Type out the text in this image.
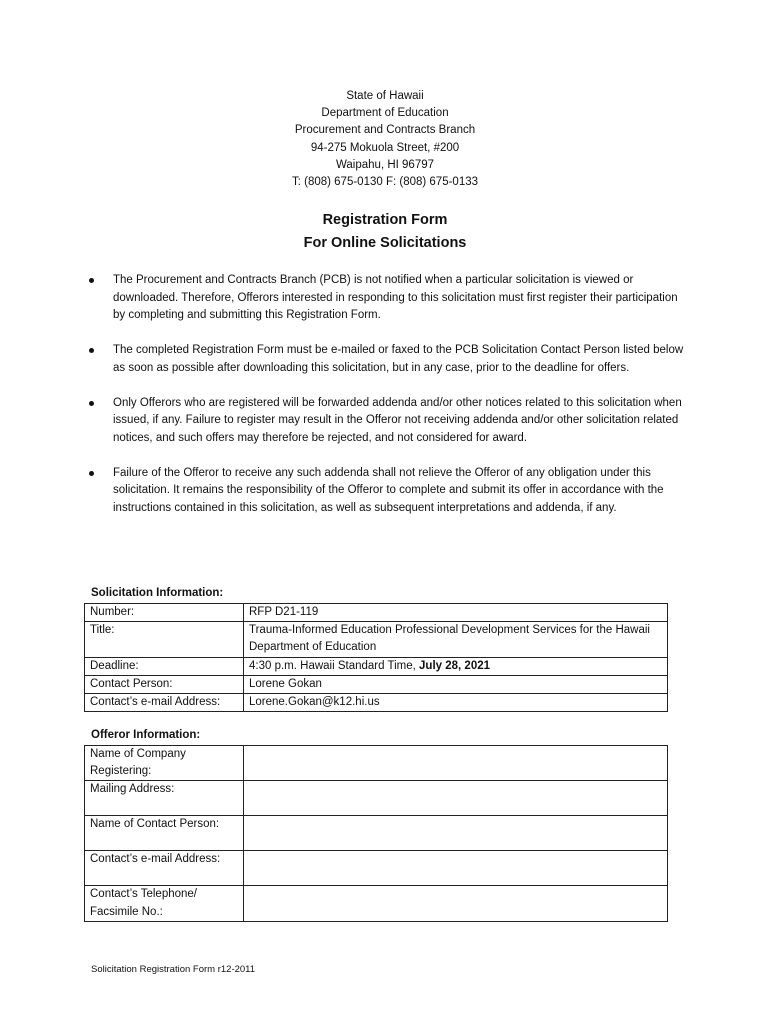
State of Hawaii
Department of Education
Procurement and Contracts Branch
94-275 Mokuola Street, #200
Waipahu, HI 96797
T: (808) 675-0130 F: (808) 675-0133
Registration Form
For Online Solicitations
The Procurement and Contracts Branch (PCB) is not notified when a particular solicitation is viewed or downloaded. Therefore, Offerors interested in responding to this solicitation must first register their participation by completing and submitting this Registration Form.
The completed Registration Form must be e-mailed or faxed to the PCB Solicitation Contact Person listed below as soon as possible after downloading this solicitation, but in any case, prior to the deadline for offers.
Only Offerors who are registered will be forwarded addenda and/or other notices related to this solicitation when issued, if any. Failure to register may result in the Offeror not receiving addenda and/or other solicitation related notices, and such offers may therefore be rejected, and not considered for award.
Failure of the Offeror to receive any such addenda shall not relieve the Offeror of any obligation under this solicitation. It remains the responsibility of the Offeror to complete and submit its offer in accordance with the instructions contained in this solicitation, as well as subsequent interpretations and addenda, if any.
Solicitation Information:
Number:	RFP D21-119
Title:	Trauma-Informed Education Professional Development Services for the Hawaii Department of Education
Deadline:	4:30 p.m. Hawaii Standard Time, July 28, 2021
Contact Person:	Lorene Gokan
Contact’s e-mail Address:	Lorene.Gokan@k12.hi.us
Offeror Information:
Name of Company Registering:	
Mailing Address:	
Name of Contact Person:	
Contact’s e-mail Address:	
Contact’s Telephone/ Facsimile No.:	
Solicitation Registration Form r12-2011
